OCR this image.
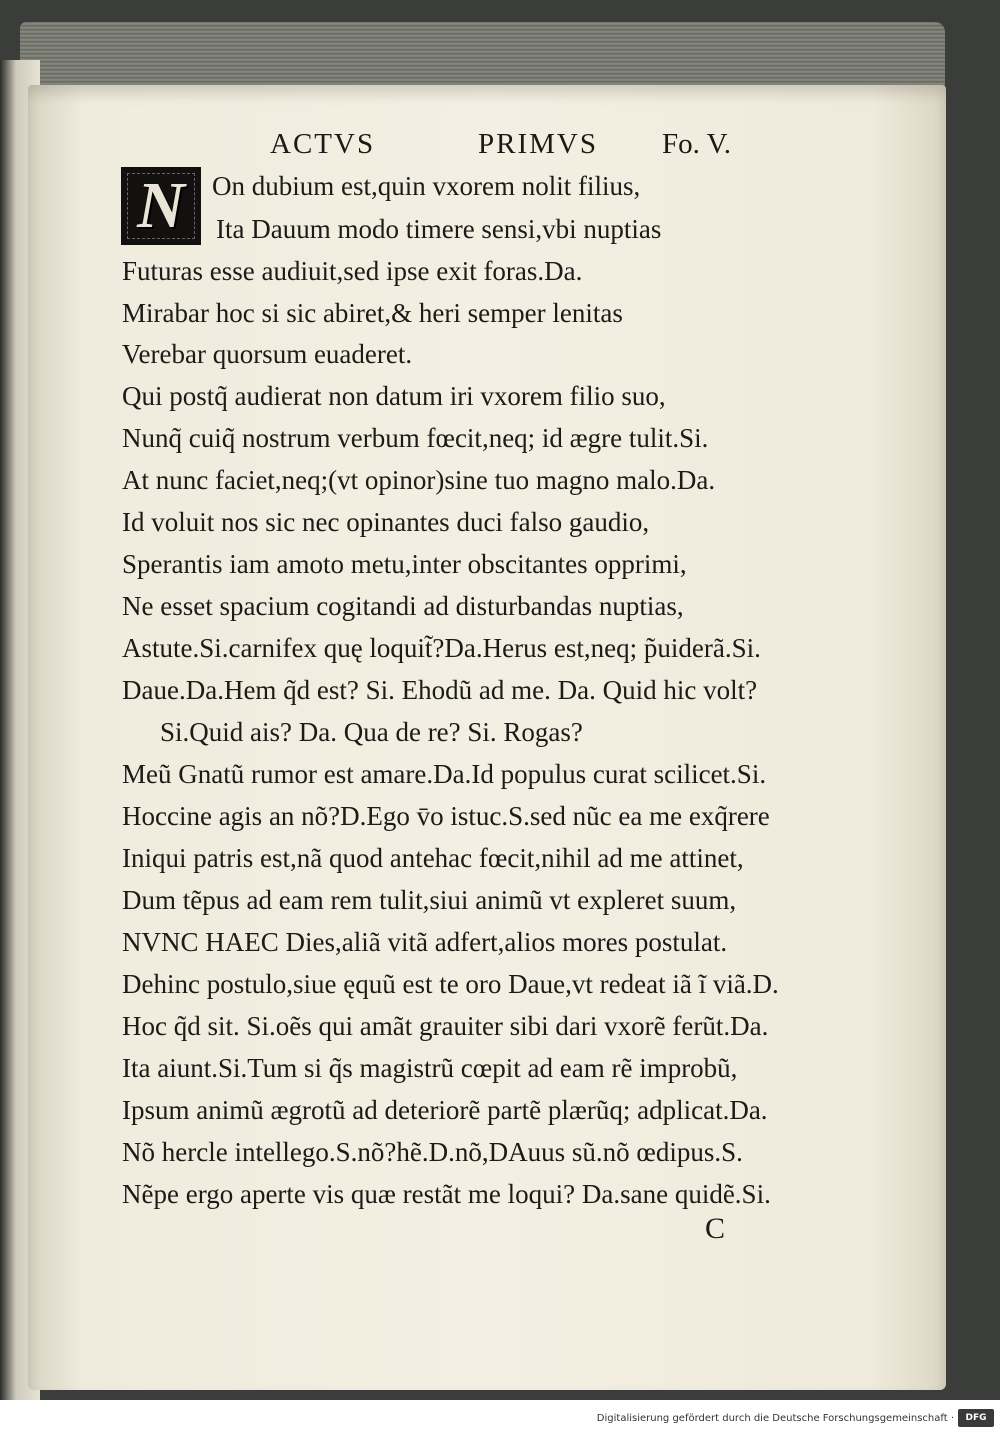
ACTVS	PRIMVS Fo. V.
N	On dubium est,quin vxorem nolit filius,
Ita Dauum modo timere sensi,vbi nuptias
Futuras esse audiuit,sed ipse exit foras.Da.
Mirabar hoc si sic abiret,& heri semper lenitas
Verebar quorsum euaderet.
Qui postq̃ audierat non datum iri vxorem filio suo,
Nunq̃ cuiq̃ nostrum verbum fœcit,neq; id ægre tulit.Si.
At nunc faciet,neq;(vt opinor)sine tuo magno malo.Da.
Id voluit nos sic nec opinantes duci falso gaudio,
Sperantis iam amoto metu,inter obscitantes opprimi,
Ne esset spacium cogitandi ad disturbandas nuptias,
Astute.Si.carnifex quę loquit̃?Da.Herus est,neq; p̃uiderã.Si.
Daue.Da.Hem q̃d est? Si. Ehodũ ad me. Da. Quid hic volt?
Si.Quid ais? Da. Qua de re? Si. Rogas?
Meũ Gnatũ rumor est amare.Da.Id populus curat scilicet.Si.
Hoccine agis an nõ?D.Ego v̄o istuc.S.sed nũc ea me exq̃rere
Iniqui patris est,nã quod antehac fœcit,nihil ad me attinet,
Dum tẽpus ad eam rem tulit,siui animũ vt expleret suum,
NVNC HAEC Dies,aliã vitã adfert,alios mores postulat.
Dehinc postulo,siue ęquũ est te oro Daue,vt redeat iã ĩ viã.D.
Hoc q̃d sit. Si.oẽs qui amãt grauiter sibi dari vxorẽ ferũt.Da.
Ita aiunt.Si.Tum si q̃s magistrũ cœpit ad eam rẽ improbũ,
Ipsum animũ ægrotũ ad deteriorẽ partẽ plærũq; adplicat.Da.
Nõ hercle intellego.S.nõ?hẽ.D.nõ,DAuus sũ.nõ œdipus.S.
Nẽpe ergo aperte vis quæ restãt me loqui? Da.sane quidẽ.Si.
C
Digitalisierung gefördert durch die Deutsche Forschungsgemeinschaft ·	DFG
